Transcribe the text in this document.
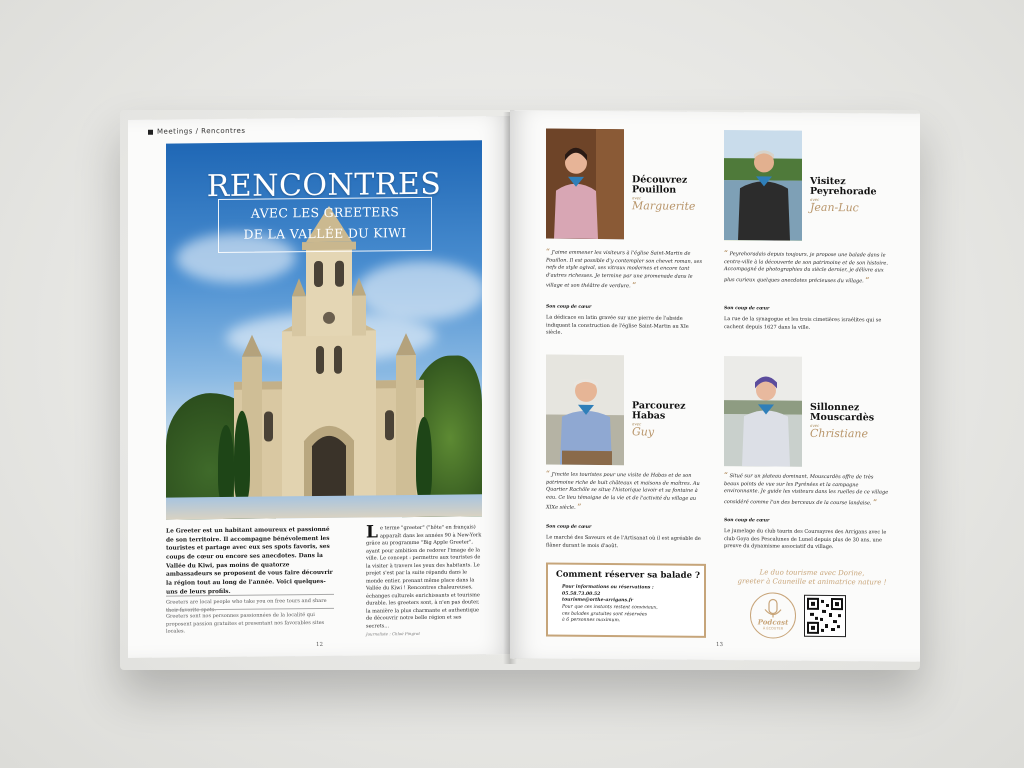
Meetings / Rencontres
RENCONTRES
AVEC LES GREETERS
DE LA VALLÉE DU KIWI
Le Greeter est un habitant amoureux et passionné de son territoire. Il accompagne bénévolement les touristes et partage avec eux ses spots favoris, ses coups de cœur ou encore ses anecdotes. Dans la Vallée du Kiwi, pas moins de quatorze ambassadeurs se proposent de vous faire découvrir la région tout au long de l'année. Voici quelques-uns de leurs profils.
Greeters are local people who take you on free tours and share their favorite spots.
Greeters sont nos personnes passionnées de la localité qui proposent passion gratuites et presentant nos favorables sites locales.
Le terme "greeter" ("hôte" en français) apparaît dans les années 90 à New-York grâce au programme "Big Apple Greeter", ayant pour ambition de redorer l'image de la ville. Le concept : permettre aux touristes de la visiter à travers les yeux des habitants. Le projet s'est par la suite répandu dans le monde entier, prenant même place dans la Vallée du Kiwi ! Rencontres chaleureuses, échanges culturels enrichissants et tourisme durable, les greeters sont, à n'en pas douter, la manière la plus charmante et authentique de découvrir notre belle région et ses secrets…
Journaliste : Chloé Pingrot
12
Découvrez
Pouillon
avec
Marguerite
“ J'aime emmener les visiteurs à l'église Saint-Martin de Pouillon. Il est possible d'y contempler son chevet roman, ses nefs de style ogival, ses vitraux modernes et encore tant d'autres richesses. Je termine par une promenade dans le village et son théâtre de verdure. ”
Son coup de cœur
La dédicace en latin gravée sur une pierre de l'abside indiquant la construction de l'église Saint-Martin au XIe siècle.
Visitez
Peyrehorade
avec
Jean-Luc
“ Peyrehoradais depuis toujours, je propose une balade dans le centre-ville à la découverte de son patrimoine et de son histoire. Accompagné de photographies du siècle dernier, je délivre aux plus curieux quelques anecdotes précieuses du village. ”
Son coup de cœur
La rue de la synagogue et les trois cimetières israélites qui se cachent depuis 1627 dans la ville.
Parcourez
Habas
avec
Guy
“ J'incite les touristes pour une visite de Habas et de son patrimoine riche de huit châteaux et maisons de maîtres. Au Quartier Rachôle se situe l'historique lavoir et sa fontaine à eau. Ce lieu témoigne de la vie et de l'activité du village au XIXe siècle. ”
Son coup de cœur
Le marché des Saveurs et de l'Artisanat où il est agréable de flâner durant le mois d'août.
Sillonnez
Mouscardès
avec
Christiane
“ Situé sur un plateau dominant, Mouscardès offre de très beaux points de vue sur les Pyrénées et la campagne environnante. Je guide les visiteurs dans les ruelles de ce village considéré comme l'un des berceaux de la course landaise. ”
Son coup de cœur
Le jumelage du club taurin des Coursayres des Arrigans avec le club Goya des Pescalunes de Lunel depuis plus de 30 ans, une preuve du dynamisme associatif du village.
Comment réserver sa balade ?
Pour informations ou réservations :
05.58.73.00.52
tourisme@orthe-arrigans.fr
Pour que ces instants restent conviviaux,
ces balades gratuites sont réservées
à 6 personnes maximum.
Le duo tourisme avec Dorine,
greeter à Cauneille et animatrice nature !
Podcast
À ÉCOUTER
13
